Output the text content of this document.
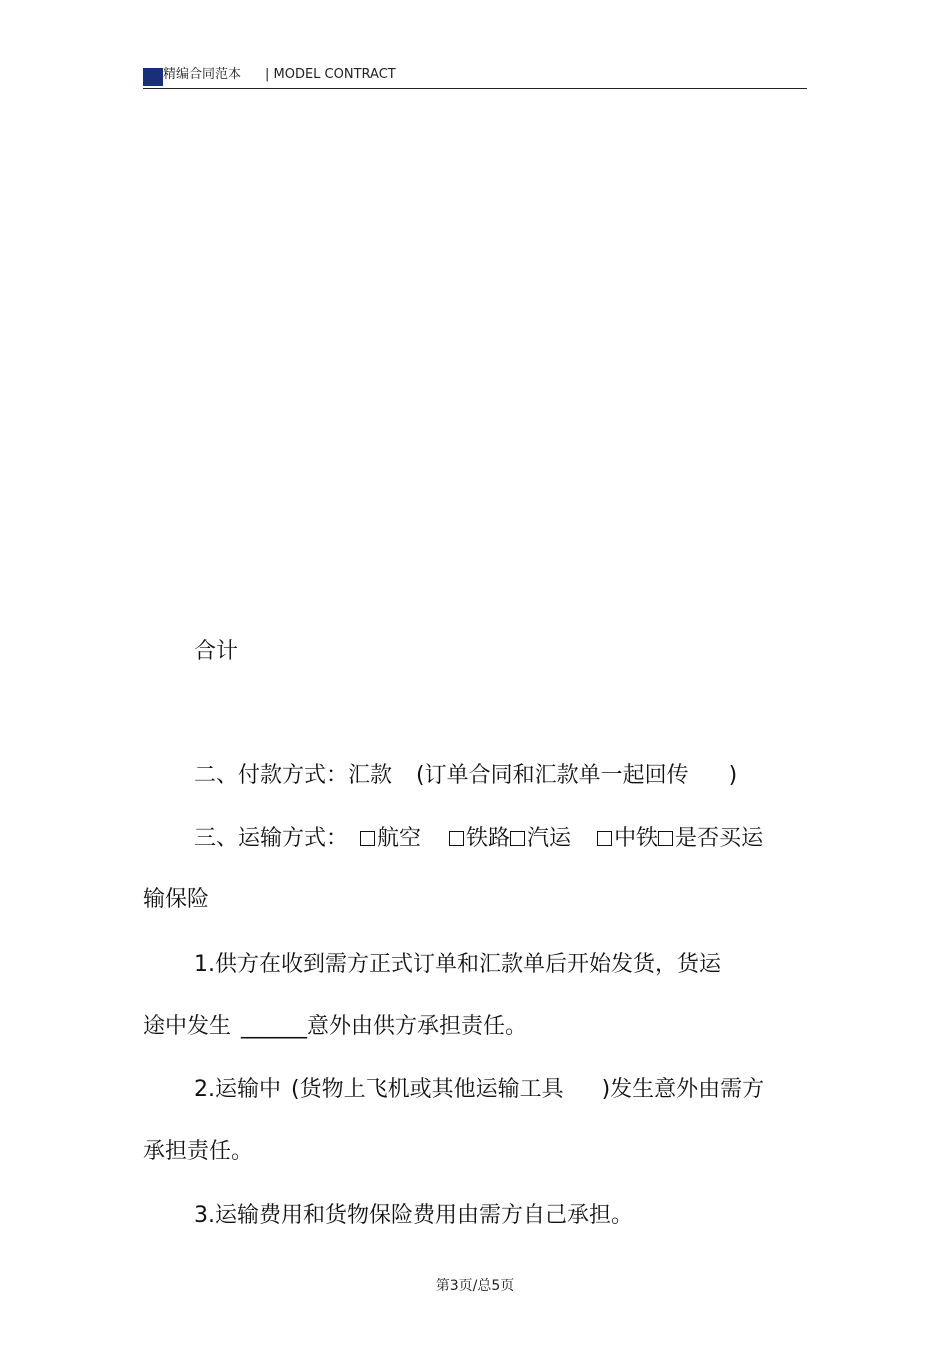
精编合同范本 | MODEL CONTRACT
合计
二、付款方式：汇款 (订单合同和汇款单一起回传 )
三、运输方式： 航空 铁路 汽运 中铁 是否买运
输保险
1.供方在收到需方正式订单和汇款单后开始发货，货运
途中发生 ______意外由供方承担责任。
2.运输中 (货物上飞机或其他运输工具 )发生意外由需方
承担责任。
3.运输费用和货物保险费用由需方自己承担。
第3页/总5页
